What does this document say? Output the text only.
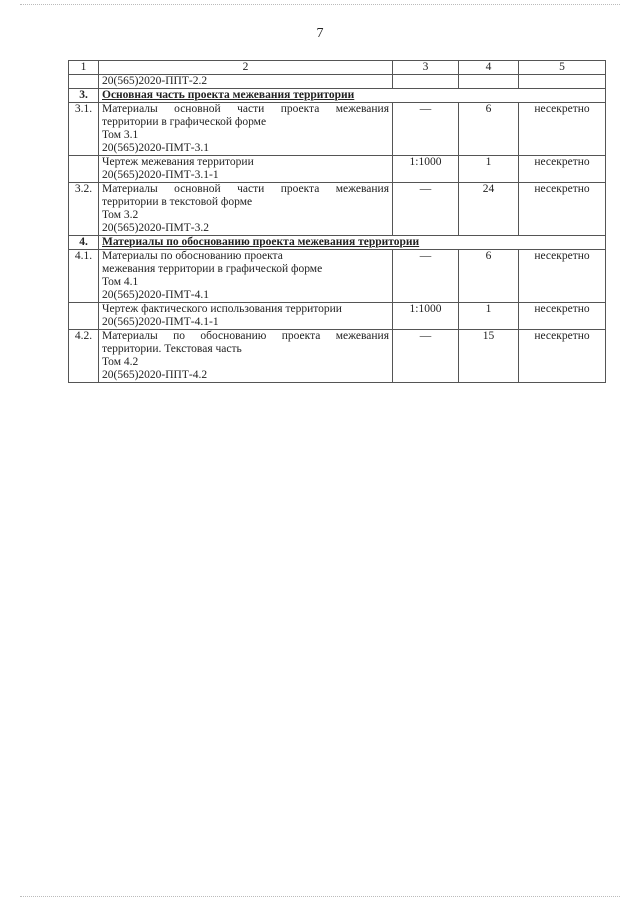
7
1	2	3	4	5
	20(565)2020-ППТ-2.2			
3.	Основная часть проекта межевания территории			
3.1.	Материалы основной части проекта межевания
территории в графической форме
Том 3.1
20(565)2020-ПМТ-3.1	—	6	несекретно

	Чертеж межевания территории
20(565)2020-ПМТ-3.1-1	1:1000	1	несекретно
3.2.	Материалы основной части проекта межевания
территории в текстовой форме
Том 3.2
20(565)2020-ПМТ-3.2	—	24	несекретно
4.	Материалы по обоснованию проекта межевания территории			
4.1.	Материалы по обоснованию проекта
межевания территории в графической форме
Том 4.1
20(565)2020-ПМТ-4.1	—	6	несекретно

	Чертеж фактического использования территории
20(565)2020-ПМТ-4.1-1	1:1000	1	несекретно
4.2.	Материалы по обоснованию проекта межевания
территории. Текстовая часть
Том 4.2
20(565)2020-ППТ-4.2	—	15	несекретно
